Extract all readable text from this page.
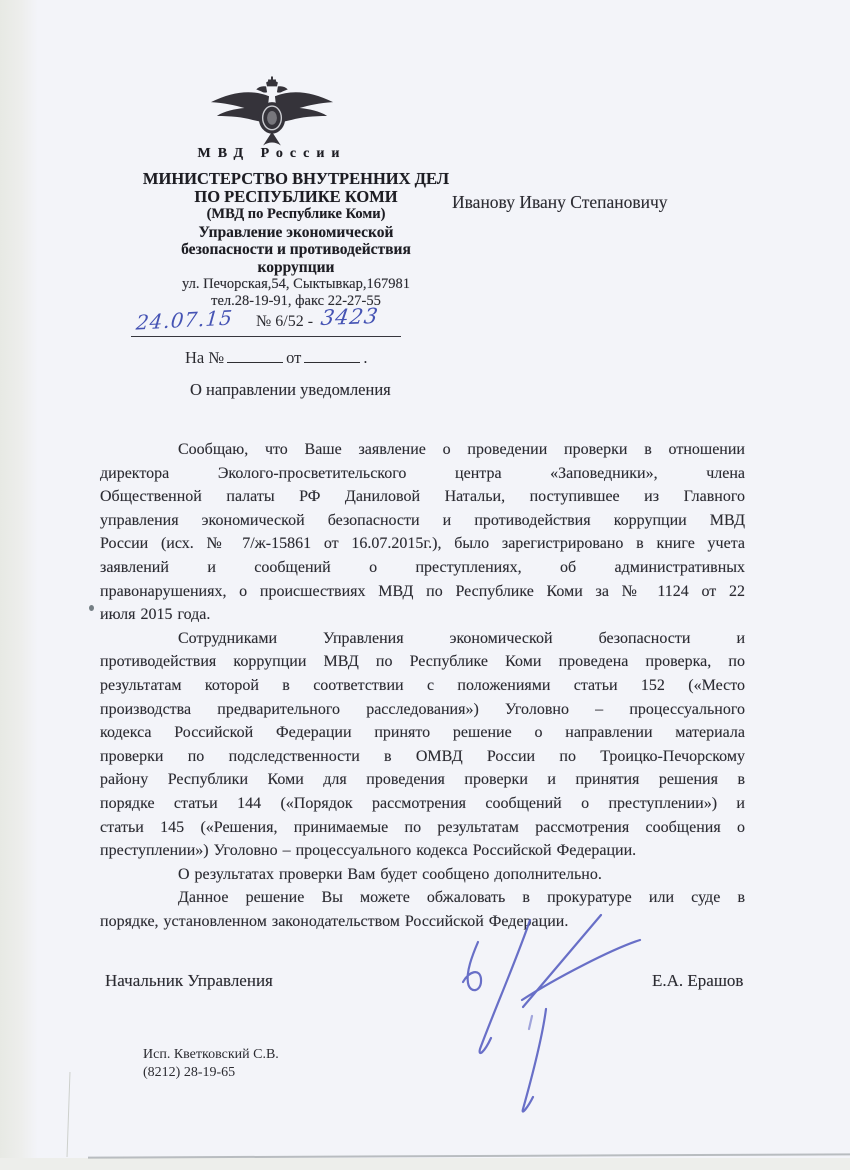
МВД России
МИНИСТЕРСТВО ВНУТРЕННИХ ДЕЛ
ПО РЕСПУБЛИКЕ КОМИ
(МВД по Республике Коми)
Управление экономической
безопасности и противодействия
коррупции
ул. Печорская,54, Сыктывкар,167981
тел.28-19-91, факс 22-27-55
Иванову Ивану Степановичу
24.07.15 № 6/52 - 3423
На №	от	.
О направлении уведомления
Сообщаю, что Ваше заявление о проведении проверки в отношении
директора Эколого-просветительского центра «Заповедники», члена
Общественной палаты РФ Даниловой Натальи, поступившее из Главного
управления экономической безопасности и противодействия коррупции МВД
России (исх. № 7/ж-15861 от 16.07.2015г.), было зарегистрировано в книге учета
заявлений и сообщений о преступлениях, об административных
правонарушениях, о происшествиях МВД по Республике Коми за № 1124 от 22
июля 2015 года.
Сотрудниками Управления экономической безопасности и
противодействия коррупции МВД по Республике Коми проведена проверка, по
результатам которой в соответствии с положениями статьи 152 («Место
производства предварительного расследования») Уголовно – процессуального
кодекса Российской Федерации принято решение о направлении материала
проверки по подследственности в ОМВД России по Троицко-Печорскому
району Республики Коми для проведения проверки и принятия решения в
порядке статьи 144 («Порядок рассмотрения сообщений о преступлении») и
статьи 145 («Решения, принимаемые по результатам рассмотрения сообщения о
преступлении») Уголовно – процессуального кодекса Российской Федерации.
О результатах проверки Вам будет сообщено дополнительно.
Данное решение Вы можете обжаловать в прокуратуре или суде в
порядке, установленном законодательством Российской Федерации.
Начальник Управления	Е.А. Ерашов
Исп. Кветковский С.В.
(8212) 28-19-65
